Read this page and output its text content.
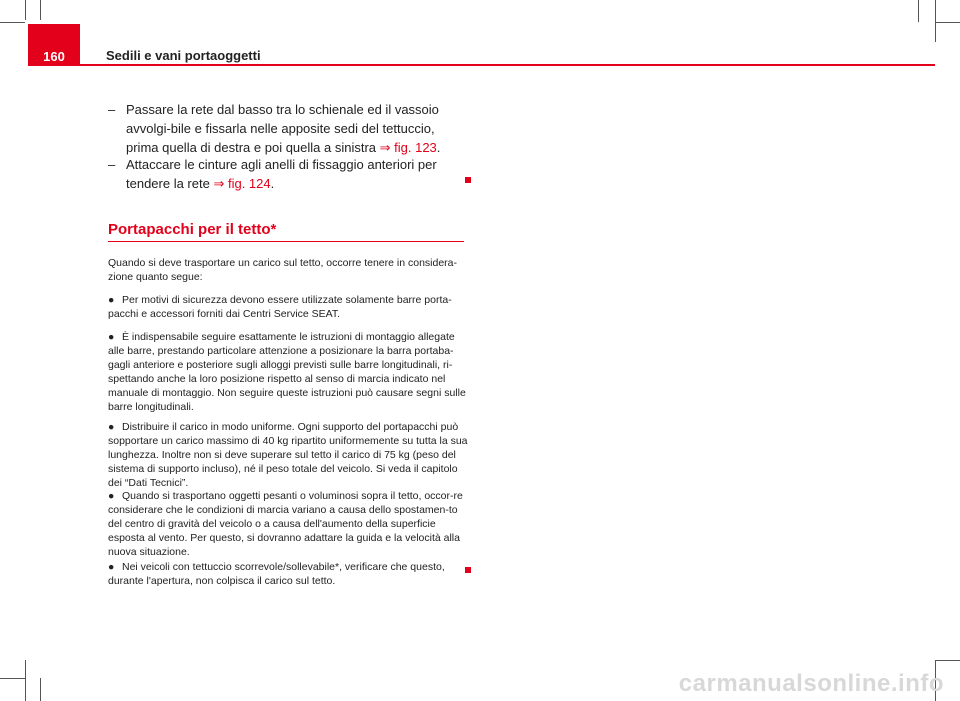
160	Sedili e vani portaoggetti
– Passare la rete dal basso tra lo schienale ed il vassoio avvolgi-bile e fissarla nelle apposite sedi del tettuccio, prima quella di destra e poi quella a sinistra ⇒ fig. 123.
– Attaccare le cinture agli anelli di fissaggio anteriori per tendere la rete ⇒ fig. 124.
Portapacchi per il tetto*
Quando si deve trasportare un carico sul tetto, occorre tenere in considera-zione quanto segue:
● Per motivi di sicurezza devono essere utilizzate solamente barre porta-pacchi e accessori forniti dai Centri Service SEAT.
● È indispensabile seguire esattamente le istruzioni di montaggio allegate alle barre, prestando particolare attenzione a posizionare la barra portaba-gagli anteriore e posteriore sugli alloggi previsti sulle barre longitudinali, ri-spettando anche la loro posizione rispetto al senso di marcia indicato nel manuale di montaggio. Non seguire queste istruzioni può causare segni sulle barre longitudinali.
● Distribuire il carico in modo uniforme. Ogni supporto del portapacchi può sopportare un carico massimo di 40 kg ripartito uniformemente su tutta la sua lunghezza. Inoltre non si deve superare sul tetto il carico di 75 kg (peso del sistema di supporto incluso), né il peso totale del veicolo. Si veda il capitolo dei “Dati Tecnici”.
● Quando si trasportano oggetti pesanti o voluminosi sopra il tetto, occor-re considerare che le condizioni di marcia variano a causa dello spostamen-to del centro di gravità del veicolo o a causa dell'aumento della superficie esposta al vento. Per questo, si dovranno adattare la guida e la velocità alla nuova situazione.
● Nei veicoli con tettuccio scorrevole/sollevabile*, verificare che questo, durante l'apertura, non colpisca il carico sul tetto.
carmanualsonline.info
